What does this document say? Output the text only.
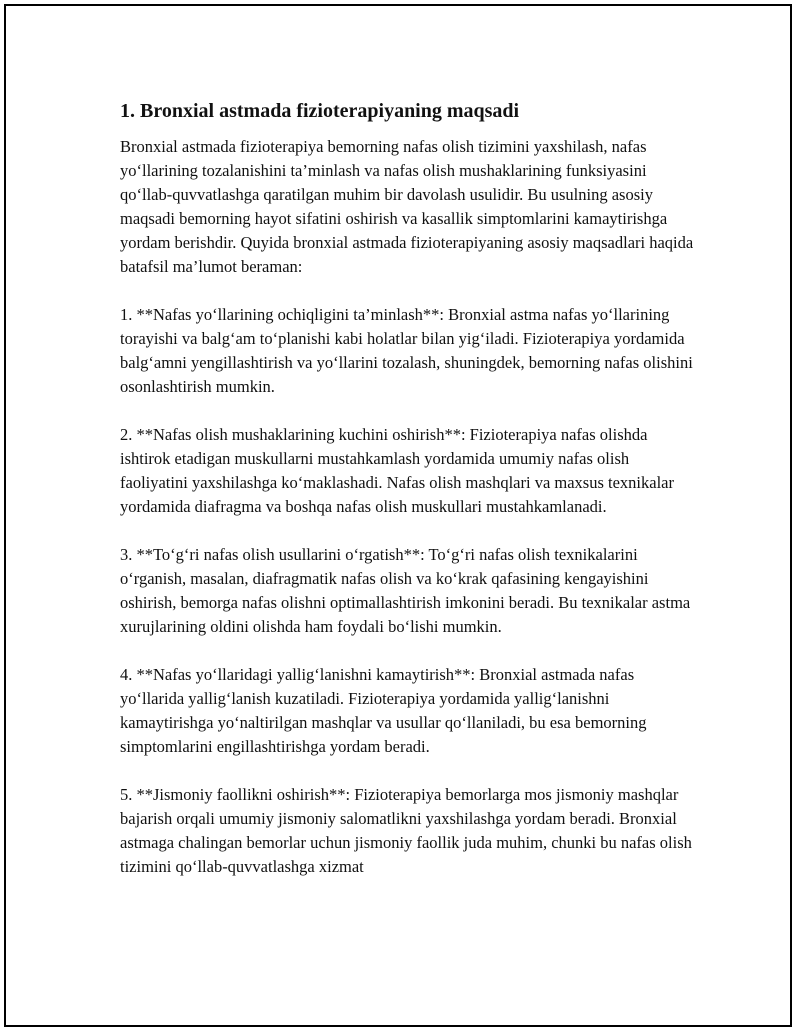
1. Bronxial astmada fizioterapiyaning maqsadi

Bronxial astmada fizioterapiya bemorning nafas olish tizimini yaxshilash, nafas yo‘llarining tozalanishini ta’minlash va nafas olish mushaklarining funksiyasini qo‘llab-quvvatlashga qaratilgan muhim bir davolash usulidir. Bu usulning asosiy maqsadi bemorning hayot sifatini oshirish va kasallik simptomlarini kamaytirishga yordam berishdir. Quyida bronxial astmada fizioterapiyaning asosiy maqsadlari haqida batafsil ma’lumot beraman:

1. **Nafas yo‘llarining ochiqligini ta’minlash**: Bronxial astma nafas yo‘llarining torayishi va balg‘am to‘planishi kabi holatlar bilan yig‘iladi. Fizioterapiya yordamida balg‘amni yengillashtirish va yo‘llarini tozalash, shuningdek, bemorning nafas olishini osonlashtirish mumkin.

2. **Nafas olish mushaklarining kuchini oshirish**: Fizioterapiya nafas olishda ishtirok etadigan muskullarni mustahkamlash yordamida umumiy nafas olish faoliyatini yaxshilashga ko‘maklashadi. Nafas olish mashqlari va maxsus texnikalar yordamida diafragma va boshqa nafas olish muskullari mustahkamlanadi.

3. **To‘g‘ri nafas olish usullarini o‘rgatish**: To‘g‘ri nafas olish texnikalarini o‘rganish, masalan, diafragmatik nafas olish va ko‘krak qafasining kengayishini oshirish, bemorga nafas olishni optimallashtirish imkonini beradi. Bu texnikalar astma xurujlarining oldini olishda ham foydali bo‘lishi mumkin.

4. **Nafas yo‘llaridagi yallig‘lanishni kamaytirish**: Bronxial astmada nafas yo‘llarida yallig‘lanish kuzatiladi. Fizioterapiya yordamida yallig‘lanishni kamaytirishga yo‘naltirilgan mashqlar va usullar qo‘llaniladi, bu esa bemorning simptomlarini engillashtirishga yordam beradi.

5. **Jismoniy faollikni oshirish**: Fizioterapiya bemorlarga mos jismoniy mashqlar bajarish orqali umumiy jismoniy salomatlikni yaxshilashga yordam beradi. Bronxial astmaga chalingan bemorlar uchun jismoniy faollik juda muhim, chunki bu nafas olish tizimini qo‘llab-quvvatlashga xizmat
